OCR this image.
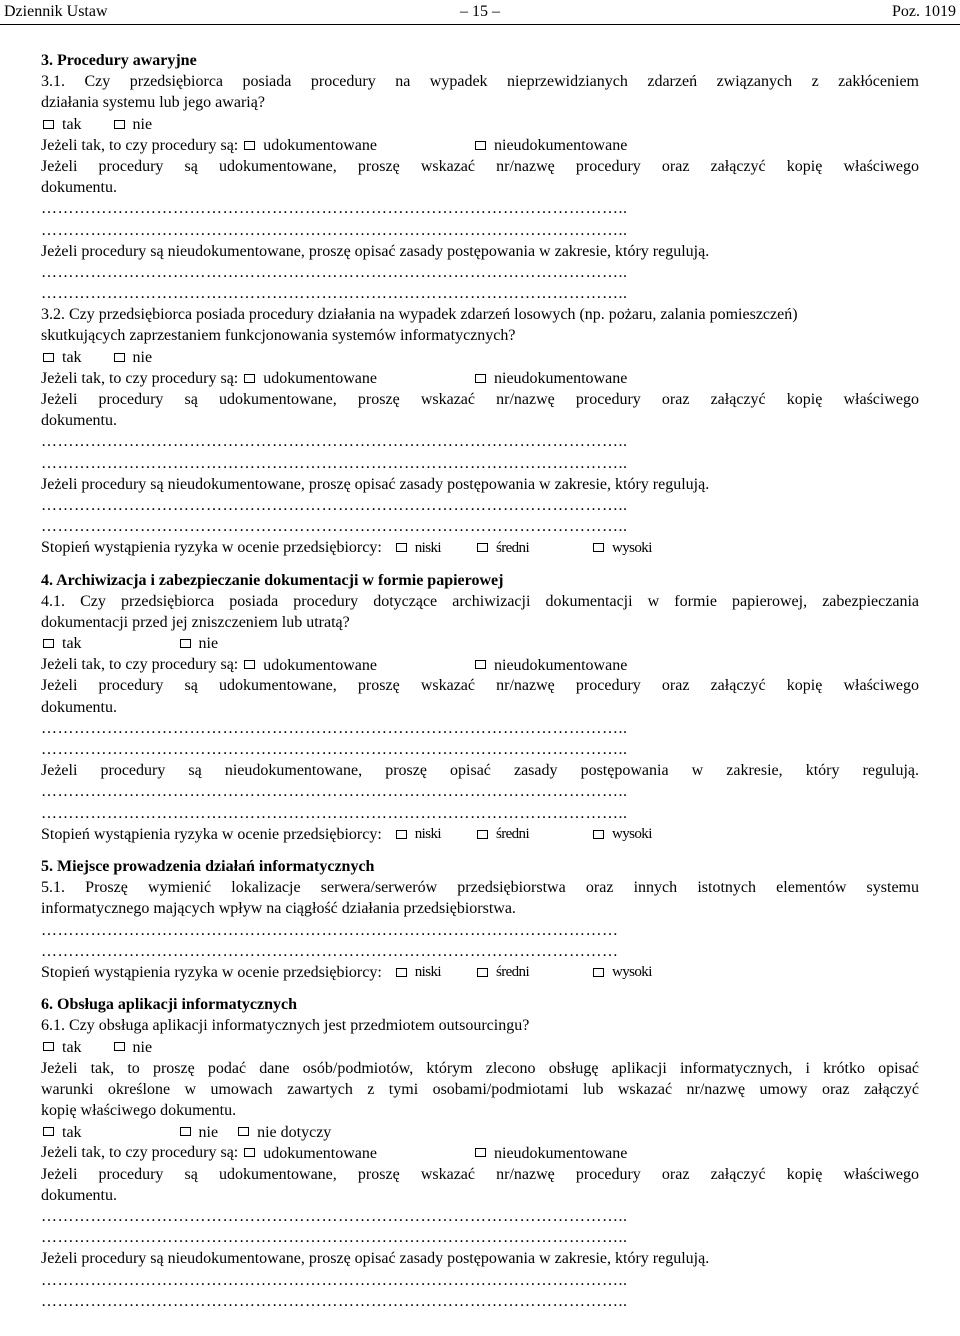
Dziennik Ustaw	– 15 –	Poz. 1019
3. Procedury awaryjne
3.1. Czy przedsiębiorca posiada procedury na wypadek nieprzewidzianych zdarzeń związanych z zakłóceniem
działania systemu lub jego awarią?
tak
	nie
Jeżeli tak, to czy procedury są: udokumentowane
	nieudokumentowane
Jeżeli procedury są udokumentowane, proszę wskazać nr/nazwę procedury oraz załączyć kopię właściwego
dokumentu.
……………………………………………………………………………………………..
……………………………………………………………………………………………..
Jeżeli procedury są nieudokumentowane, proszę opisać zasady postępowania w zakresie, który regulują.
……………………………………………………………………………………………..
……………………………………………………………………………………………..
3.2. Czy przedsiębiorca posiada procedury działania na wypadek zdarzeń losowych (np. pożaru, zalania pomieszczeń)
skutkujących zaprzestaniem funkcjonowania systemów informatycznych?
tak
	nie
Jeżeli tak, to czy procedury są: udokumentowane
	nieudokumentowane
Jeżeli procedury są udokumentowane, proszę wskazać nr/nazwę procedury oraz załączyć kopię właściwego
dokumentu.
……………………………………………………………………………………………..
……………………………………………………………………………………………..
Jeżeli procedury są nieudokumentowane, proszę opisać zasady postępowania w zakresie, który regulują.
……………………………………………………………………………………………..
……………………………………………………………………………………………..
Stopień wystąpienia ryzyka w ocenie przedsiębiorcy: niski
	średni
	wysoki
4. Archiwizacja i zabezpieczanie dokumentacji w formie papierowej
4.1. Czy przedsiębiorca posiada procedury dotyczące archiwizacji dokumentacji w formie papierowej, zabezpieczania
dokumentacji przed jej zniszczeniem lub utratą?
tak
	nie
Jeżeli tak, to czy procedury są: udokumentowane
	nieudokumentowane
Jeżeli procedury są udokumentowane, proszę wskazać nr/nazwę procedury oraz załączyć kopię właściwego
dokumentu.
……………………………………………………………………………………………..
……………………………………………………………………………………………..
Jeżeli procedury są nieudokumentowane, proszę opisać zasady postępowania w zakresie, który regulują.
……………………………………………………………………………………………..
……………………………………………………………………………………………..
Stopień wystąpienia ryzyka w ocenie przedsiębiorcy: niski
	średni
	wysoki
5. Miejsce prowadzenia działań informatycznych
5.1. Proszę wymienić lokalizacje serwera/serwerów przedsiębiorstwa oraz innych istotnych elementów systemu
informatycznego mających wpływ na ciągłość działania przedsiębiorstwa.
……………………………………………………………………………………………
……………………………………………………………………………………………
Stopień wystąpienia ryzyka w ocenie przedsiębiorcy: niski
	średni
	wysoki
6. Obsługa aplikacji informatycznych
6.1. Czy obsługa aplikacji informatycznych jest przedmiotem outsourcingu?
tak
	nie
Jeżeli tak, to proszę podać dane osób/podmiotów, którym zlecono obsługę aplikacji informatycznych, i krótko opisać
warunki określone w umowach zawartych z tymi osobami/podmiotami lub wskazać nr/nazwę umowy oraz załączyć
kopię właściwego dokumentu.
tak
	nie
nie dotyczy
Jeżeli tak, to czy procedury są: udokumentowane
	nieudokumentowane
Jeżeli procedury są udokumentowane, proszę wskazać nr/nazwę procedury oraz załączyć kopię właściwego
dokumentu.
……………………………………………………………………………………………..
……………………………………………………………………………………………..
Jeżeli procedury są nieudokumentowane, proszę opisać zasady postępowania w zakresie, który regulują.
……………………………………………………………………………………………..
……………………………………………………………………………………………..
